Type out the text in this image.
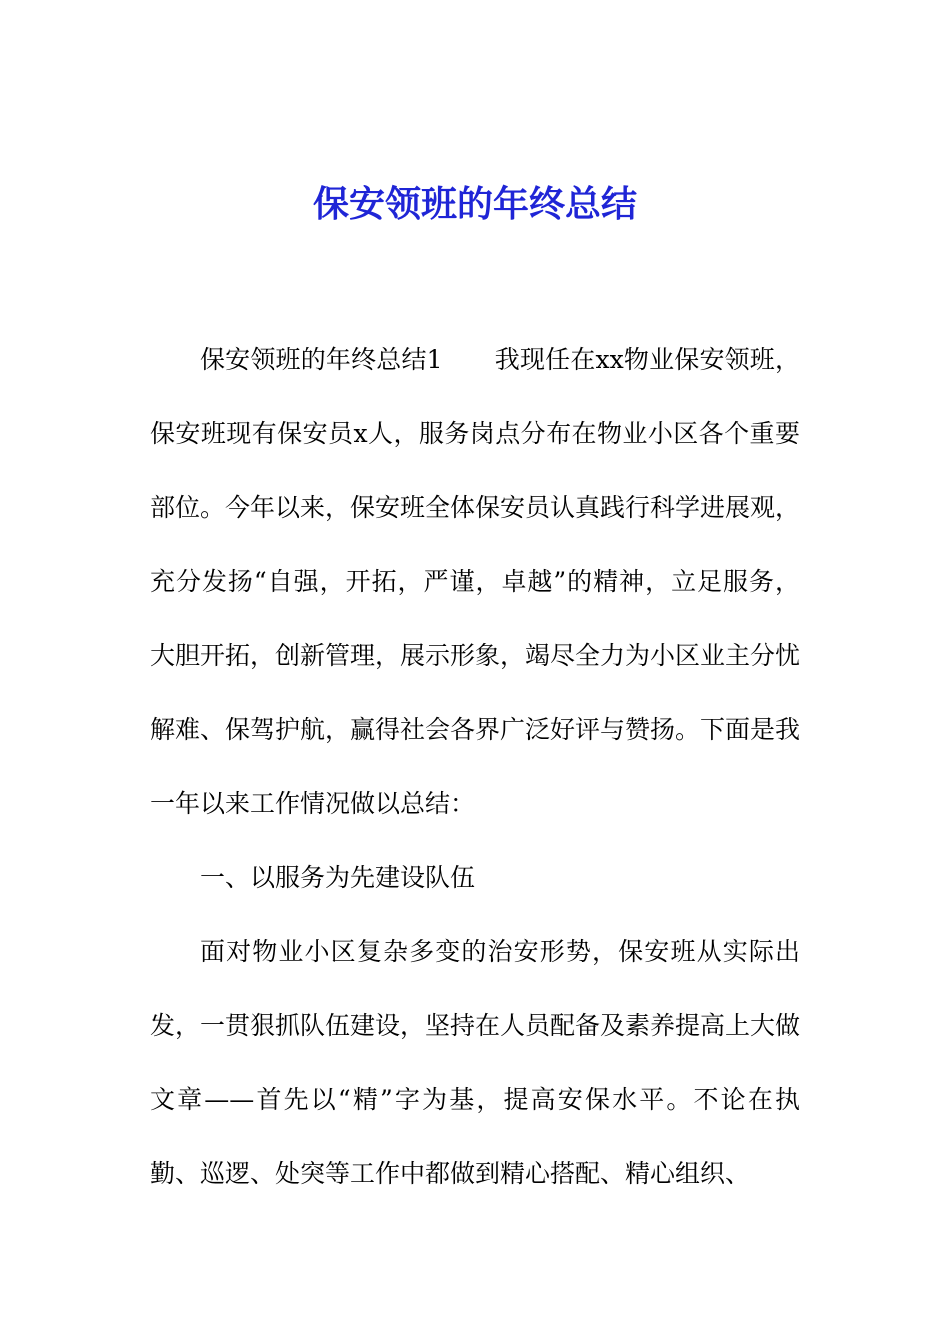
保安领班的年终总结

保安领班的年终总结1 我现任在xx物业保安领班，保安班现有保安员x人，服务岗点分布在物业小区各个重要部位。今年以来，保安班全体保安员认真践行科学进展观，充分发扬“自强，开拓，严谨，卓越”的精神，立足服务，大胆开拓，创新管理，展示形象，竭尽全力为小区业主分忧解难、保驾护航，赢得社会各界广泛好评与赞扬。下面是我一年以来工作情况做以总结：

一、以服务为先建设队伍

面对物业小区复杂多变的治安形势，保安班从实际出发，一贯狠抓队伍建设，坚持在人员配备及素养提高上大做文章——首先以“精”字为基，提高安保水平。不论在执勤、巡逻、处突等工作中都做到精心搭配、精心组织、
